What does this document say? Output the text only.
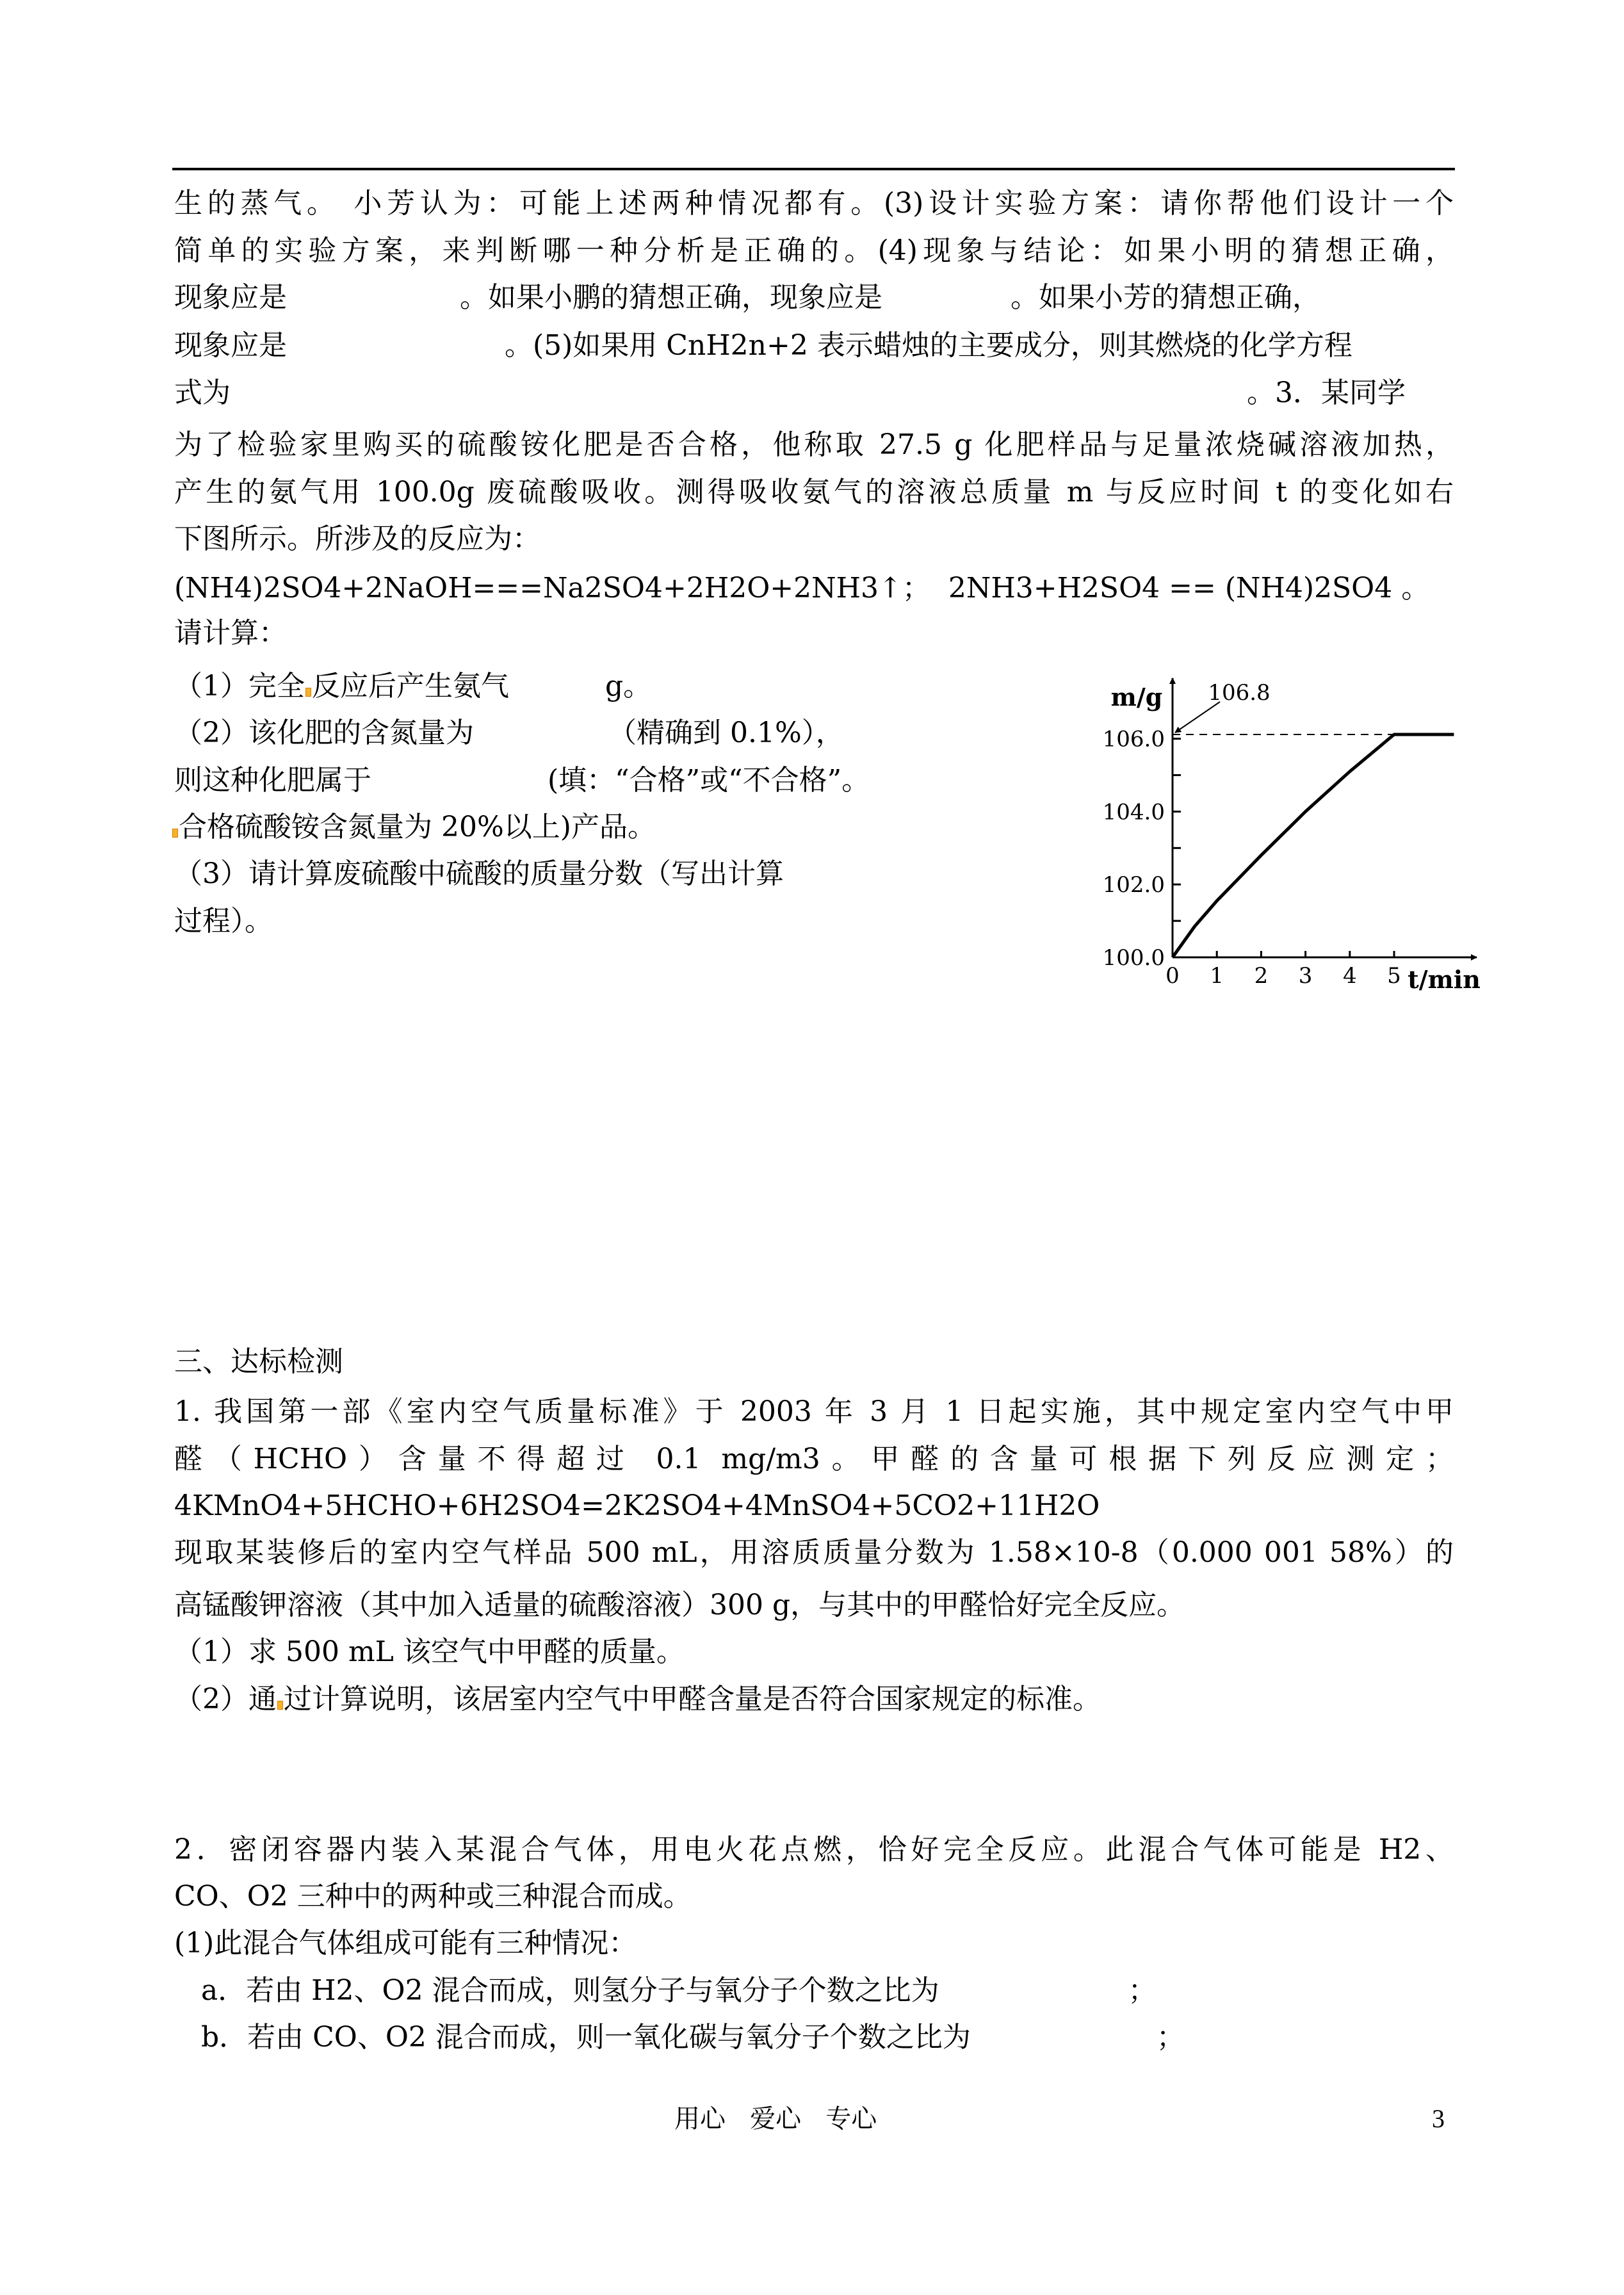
生的蒸气。 小芳认为：可能上述两种情况都有。(3)设计实验方案：请你帮他们设计一个
简单的实验方案，来判断哪一种分析是正确的。(4)现象与结论：如果小明的猜想正确，
现象应是	。如果小鹏的猜想正确，现象应是	。如果小芳的猜想正确，
现象应是	。(5)如果用 CnH2n+2 表示蜡烛的主要成分，则其燃烧的化学方程
式为	。3．某同学
为了检验家里购买的硫酸铵化肥是否合格，他称取 27.5 g 化肥样品与足量浓烧碱溶液加热，
产生的氨气用 100.0g 废硫酸吸收。测得吸收氨气的溶液总质量 m 与反应时间 t 的变化如右
下图所示。所涉及的反应为：
(NH4)2SO4+2NaOH===Na2SO4+2H2O+2NH3↑；  2NH3+H2SO4 == (NH4)2SO4 。
请计算：
（1）完全 反应后产生氨气	g。
（2）该化肥的含氮量为	（精确到 0.1%），
则这种化肥属于	(填：“合格”或“不合格”。
合格硫酸铵含氮量为 20%以上)产品。
（3）请计算废硫酸中硫酸的质量分数（写出计算
过程）。
0 1 2 3 4 5
100.0
102.0
104.0
106.0
t/min
m/g 106.8
三、达标检测
1. 我国第一部《室内空气质量标准》于 2003 年 3 月 1 日起实施，其中规定室内空气中甲
醛（HCHO）含量不得超过 0.1 mg/m3。甲醛的含量可根据下列反应测定；
4KMnO4+5HCHO+6H2SO4=2K2SO4+4MnSO4+5CO2+11H2O
现取某装修后的室内空气样品 500 mL，用溶质质量分数为 1.58×10-8（0.000 001 58%）的
高锰酸钾溶液（其中加入适量的硫酸溶液）300 g，与其中的甲醛恰好完全反应。
（1）求 500 mL 该空气中甲醛的质量。
（2）通 过计算说明，该居室内空气中甲醛含量是否符合国家规定的标准。
2．密闭容器内装入某混合气体，用电火花点燃，恰好完全反应。此混合气体可能是 H2、
CO、O2 三种中的两种或三种混合而成。
(1)此混合气体组成可能有三种情况：
a．若由 H2、O2 混合而成，则氢分子与氧分子个数之比为	；
b．若由 CO、O2 混合而成，则一氧化碳与氧分子个数之比为	；
用心   爱心   专心	3
